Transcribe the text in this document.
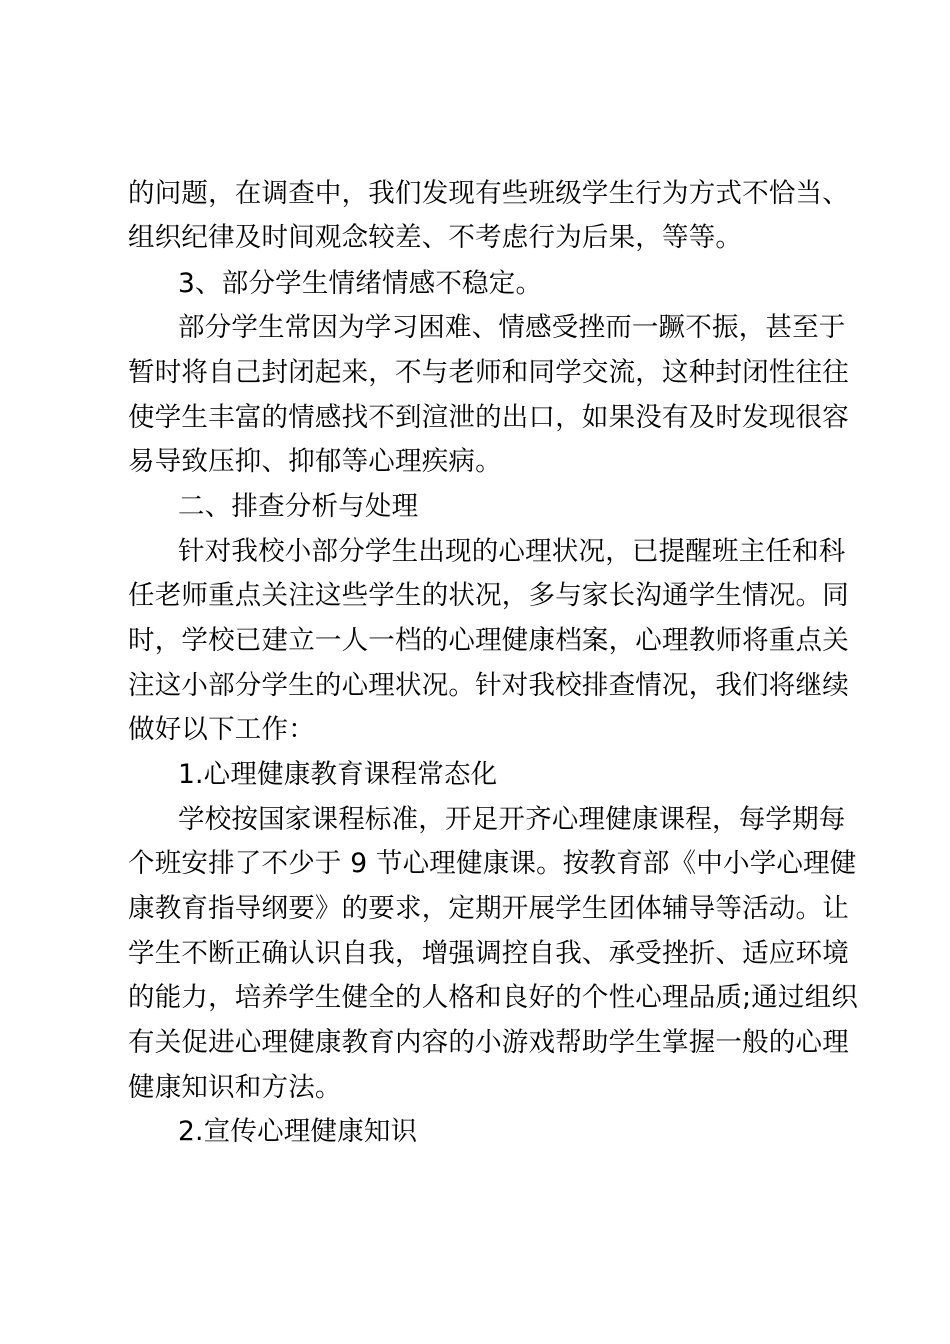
的问题，在调查中，我们发现有些班级学生行为方式不恰当、
组织纪律及时间观念较差、不考虑行为后果，等等。
3、部分学生情绪情感不稳定。
部分学生常因为学习困难、情感受挫而一蹶不振，甚至于
暂时将自己封闭起来，不与老师和同学交流，这种封闭性往往
使学生丰富的情感找不到渲泄的出口，如果没有及时发现很容
易导致压抑、抑郁等心理疾病。
二、排查分析与处理
针对我校小部分学生出现的心理状况，已提醒班主任和科
任老师重点关注这些学生的状况，多与家长沟通学生情况。同
时，学校已建立一人一档的心理健康档案，心理教师将重点关
注这小部分学生的心理状况。针对我校排查情况，我们将继续
做好以下工作：
1.心理健康教育课程常态化
学校按国家课程标准，开足开齐心理健康课程，每学期每
个班安排了不少于 9 节心理健康课。按教育部《中小学心理健
康教育指导纲要》的要求，定期开展学生团体辅导等活动。让
学生不断正确认识自我，增强调控自我、承受挫折、适应环境
的能力，培养学生健全的人格和良好的个性心理品质;通过组织
有关促进心理健康教育内容的小游戏帮助学生掌握一般的心理
健康知识和方法。
2.宣传心理健康知识
